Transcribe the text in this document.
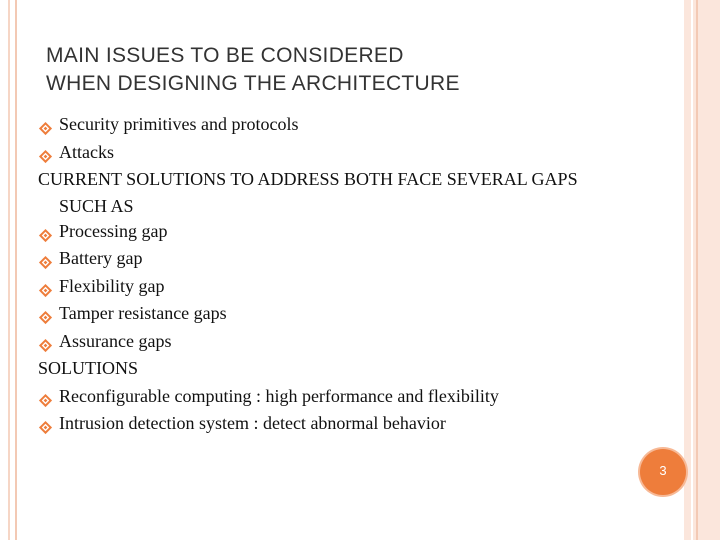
MAIN ISSUES TO BE CONSIDERED
WHEN DESIGNING THE ARCHITECTURE
Security primitives and protocols
Attacks
CURRENT SOLUTIONS TO ADDRESS BOTH FACE SEVERAL GAPS
SUCH AS
Processing gap
Battery gap
Flexibility gap
Tamper resistance gaps
Assurance gaps
SOLUTIONS
Reconfigurable computing : high performance and flexibility
Intrusion detection system : detect abnormal behavior
3
